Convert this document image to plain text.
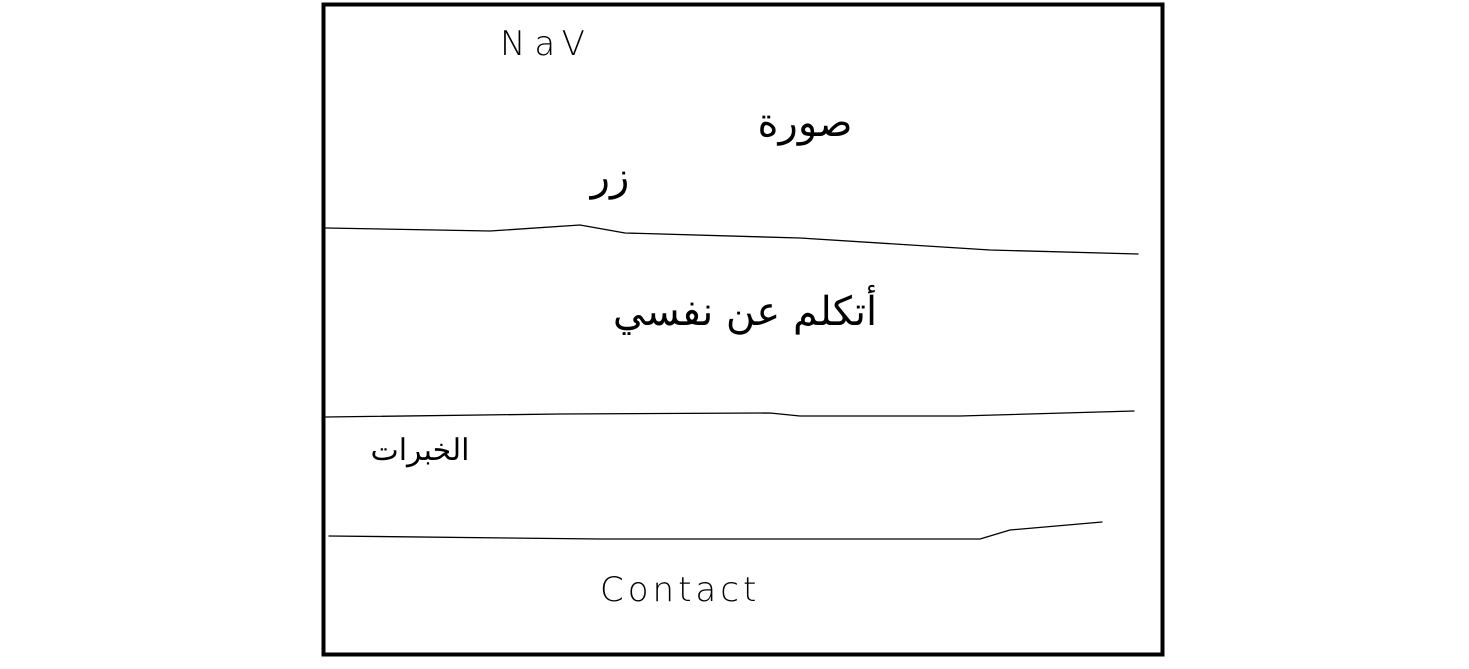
NaV
صورة
زر
أتكلم عن نفسي
الخبرات
Contact
